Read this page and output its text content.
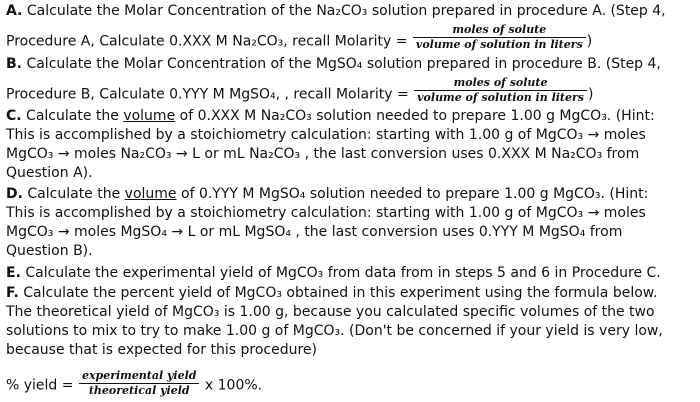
A. Calculate the Molar Concentration of the Na₂CO₃ solution prepared in procedure A. (Step 4,
Procedure A, Calculate 0.XXX M Na₂CO₃, recall Molarity = $\frac{\text{moles of solute}}{\text{volume of solution in liters}}$ )
B. Calculate the Molar Concentration of the MgSO₄ solution prepared in procedure B. (Step 4,
Procedure B, Calculate 0.YYY M MgSO₄, , recall Molarity = $\frac{\text{moles of solute}}{\text{volume of solution in liters}}$ )
C. Calculate the volume of 0.XXX M Na₂CO₃ solution needed to prepare 1.00 g MgCO₃. (Hint:
This is accomplished by a stoichiometry calculation: starting with 1.00 g of MgCO₃ → moles
MgCO₃ → moles Na₂CO₃ → L or mL Na₂CO₃ , the last conversion uses 0.XXX M Na₂CO₃ from
Question A).
D. Calculate the volume of 0.YYY M MgSO₄ solution needed to prepare 1.00 g MgCO₃. (Hint:
This is accomplished by a stoichiometry calculation: starting with 1.00 g of MgCO₃ → moles
MgCO₃ → moles MgSO₄ → L or mL MgSO₄ , the last conversion uses 0.YYY M MgSO₄ from
Question B).
E. Calculate the experimental yield of MgCO₃ from data from in steps 5 and 6 in Procedure C.
F. Calculate the percent yield of MgCO₃ obtained in this experiment using the formula below.
The theoretical yield of MgCO₃ is 1.00 g, because you calculated specific volumes of the two
solutions to mix to try to make 1.00 g of MgCO₃. (Don't be concerned if your yield is very low,
because that is expected for this procedure)
% yield = $\frac{\text{experimental yield}}{\text{theoretical yield}}$ x 100%.
